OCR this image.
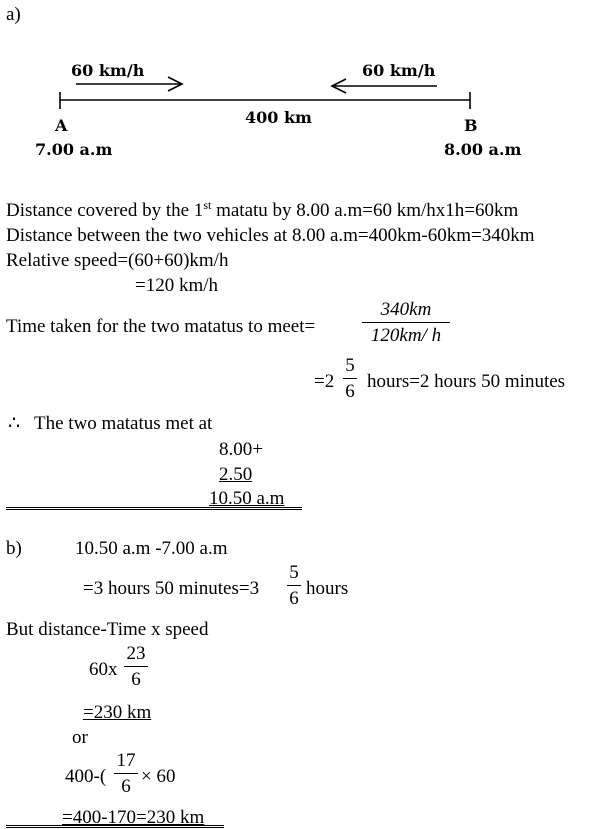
a)
60 km/h	60 km/h
400 km
A	B
7.00 a.m	8.00 a.m
Distance covered by the 1st matatu by 8.00 a.m=60 km/hx1h=60km
Distance between the two vehicles at 8.00 a.m=400km-60km=340km
Relative speed=(60+60)km/h
=120 km/h
Time taken for the two matatus to meet=
340km
120km/ h
=2
5
6 hours=2 hours 50 minutes
∴ The two matatus met at
8.00+
2.50
10.50 a.m
b)	10.50 a.m -7.00 a.m
=3 hours 50 minutes=3
5
6 hours
But distance-Time x speed
60x
23
6
=230 km
or
400-(
17
6 × 60
=400-170=230 km
